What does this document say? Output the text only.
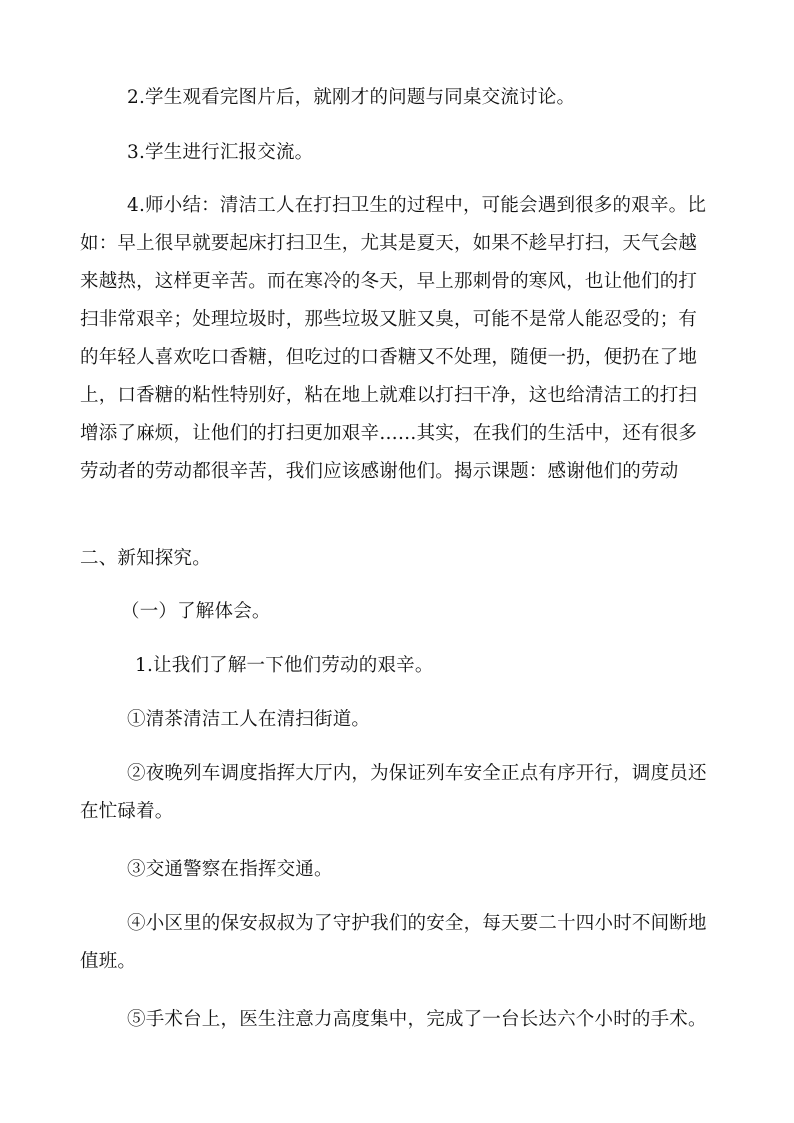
2.学生观看完图片后，就刚才的问题与同桌交流讨论。

3.学生进行汇报交流。

4.师小结：清洁工人在打扫卫生的过程中，可能会遇到很多的艰辛。比
如：早上很早就要起床打扫卫生，尤其是夏天，如果不趁早打扫，天气会越
来越热，这样更辛苦。而在寒冷的冬天，早上那刺骨的寒风，也让他们的打
扫非常艰辛；处理垃圾时，那些垃圾又脏又臭，可能不是常人能忍受的；有
的年轻人喜欢吃口香糖，但吃过的口香糖又不处理，随便一扔，便扔在了地
上，口香糖的粘性特别好，粘在地上就难以打扫干净，这也给清洁工的打扫
增添了麻烦，让他们的打扫更加艰辛……其实，在我们的生活中，还有很多
劳动者的劳动都很辛苦，我们应该感谢他们。揭示课题：感谢他们的劳动

二、新知探究。

（一）了解体会。

1.让我们了解一下他们劳动的艰辛。

①清茶清洁工人在清扫街道。

②夜晚列车调度指挥大厅内，为保证列车安全正点有序开行，调度员还
在忙碌着。

③交通警察在指挥交通。

④小区里的保安叔叔为了守护我们的安全，每天要二十四小时不间断地
值班。

⑤手术台上，医生注意力高度集中，完成了一台长达六个小时的手术。
